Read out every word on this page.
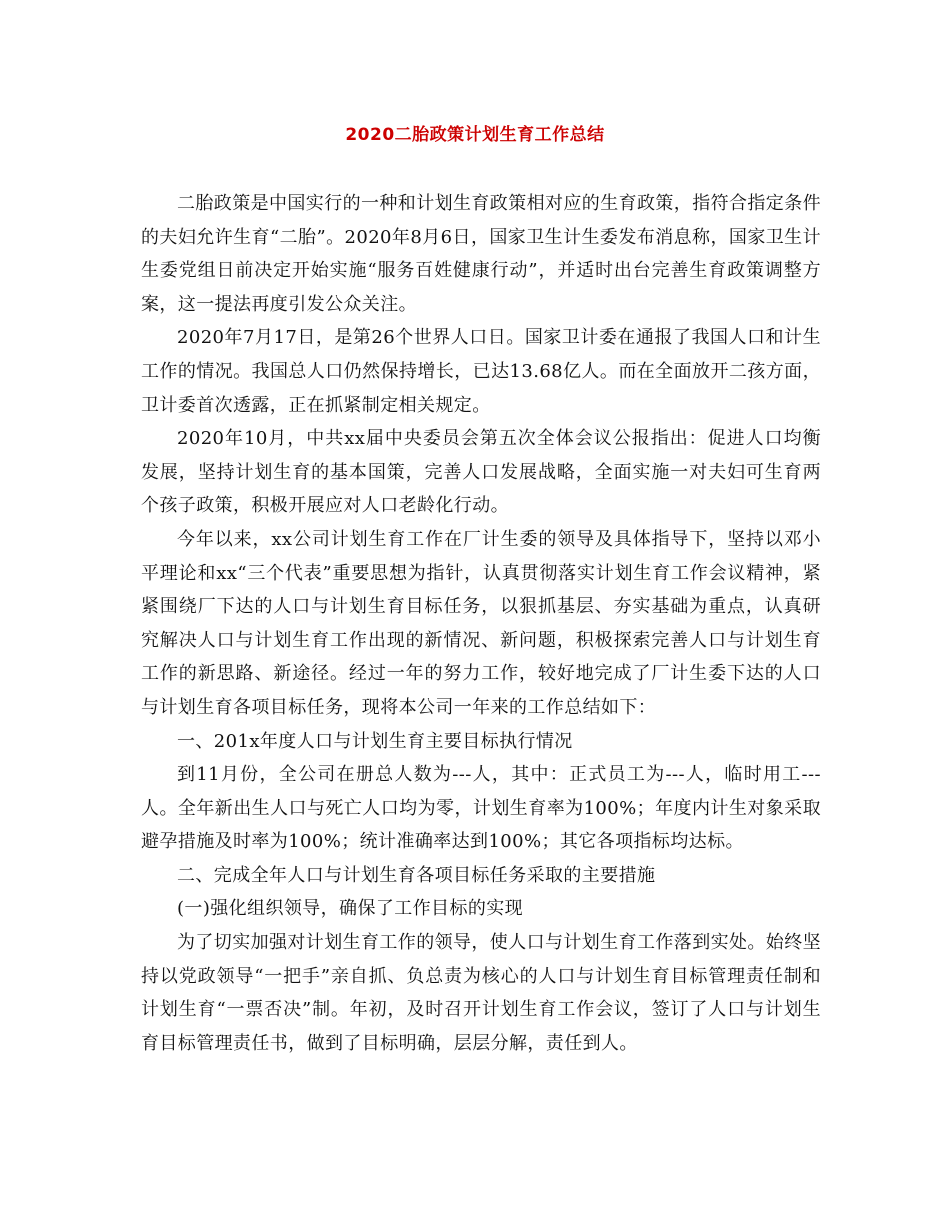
2020二胎政策计划生育工作总结

二胎政策是中国实行的一种和计划生育政策相对应的生育政策，指符合指定条件的夫妇允许生育“二胎”。2020年8月6日，国家卫生计生委发布消息称，国家卫生计生委党组日前决定开始实施“服务百姓健康行动”，并适时出台完善生育政策调整方案，这一提法再度引发公众关注。

2020年7月17日，是第26个世界人口日。国家卫计委在通报了我国人口和计生工作的情况。我国总人口仍然保持增长，已达13.68亿人。而在全面放开二孩方面，卫计委首次透露，正在抓紧制定相关规定。

2020年10月，中共xx届中央委员会第五次全体会议公报指出：促进人口均衡发展，坚持计划生育的基本国策，完善人口发展战略，全面实施一对夫妇可生育两个孩子政策，积极开展应对人口老龄化行动。

今年以来，xx公司计划生育工作在厂计生委的领导及具体指导下，坚持以邓小平理论和xx“三个代表”重要思想为指针，认真贯彻落实计划生育工作会议精神，紧紧围绕厂下达的人口与计划生育目标任务，以狠抓基层、夯实基础为重点，认真研究解决人口与计划生育工作出现的新情况、新问题，积极探索完善人口与计划生育工作的新思路、新途径。经过一年的努力工作，较好地完成了厂计生委下达的人口与计划生育各项目标任务，现将本公司一年来的工作总结如下：

一、201x年度人口与计划生育主要目标执行情况

到11月份，全公司在册总人数为---人，其中：正式员工为---人，临时用工---人。全年新出生人口与死亡人口均为零，计划生育率为100%；年度内计生对象采取避孕措施及时率为100%；统计准确率达到100%；其它各项指标均达标。

二、完成全年人口与计划生育各项目标任务采取的主要措施

(一)强化组织领导，确保了工作目标的实现

为了切实加强对计划生育工作的领导，使人口与计划生育工作落到实处。始终坚持以党政领导“一把手”亲自抓、负总责为核心的人口与计划生育目标管理责任制和计划生育“一票否决”制。年初，及时召开计划生育工作会议，签订了人口与计划生育目标管理责任书，做到了目标明确，层层分解，责任到人。
